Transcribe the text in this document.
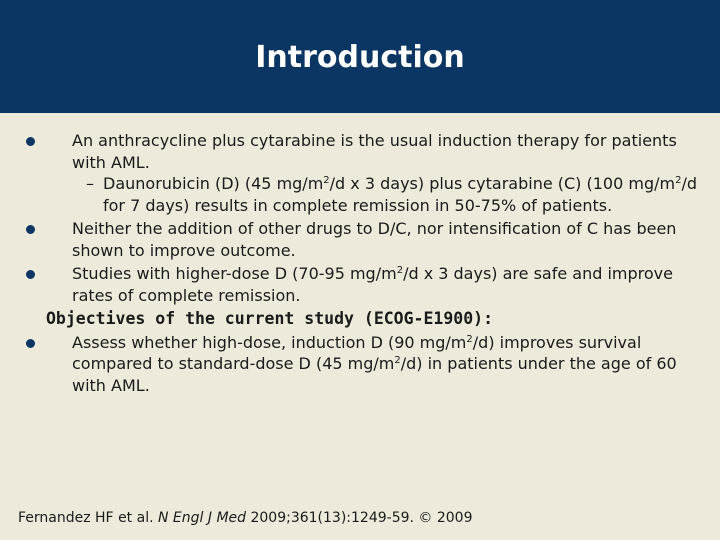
Introduction

An anthracycline plus cytarabine is the usual induction therapy for patients with AML.

– Daunorubicin (D) (45 $mg/m^2/d$ x 3 days) plus cytarabine (C) (100 $mg/m^2/d$ for 7 days) results in complete remission in 50-75% of patients.

Neither the addition of other drugs to D/C, nor intensification of C has been shown to improve outcome.

Studies with higher-dose D (70-95 $mg/m^2/d$ x 3 days) are safe and improve rates of complete remission.

Objectives of the current study (ECOG-E1900):

Assess whether high-dose, induction D (90 $mg/m^2/d$) improves survival compared to standard-dose D (45 $mg/m^2/d$) in patients under the age of 60 with AML.

Fernandez HF et al. N Engl J Med 2009;361(13):1249-59. © 2009
